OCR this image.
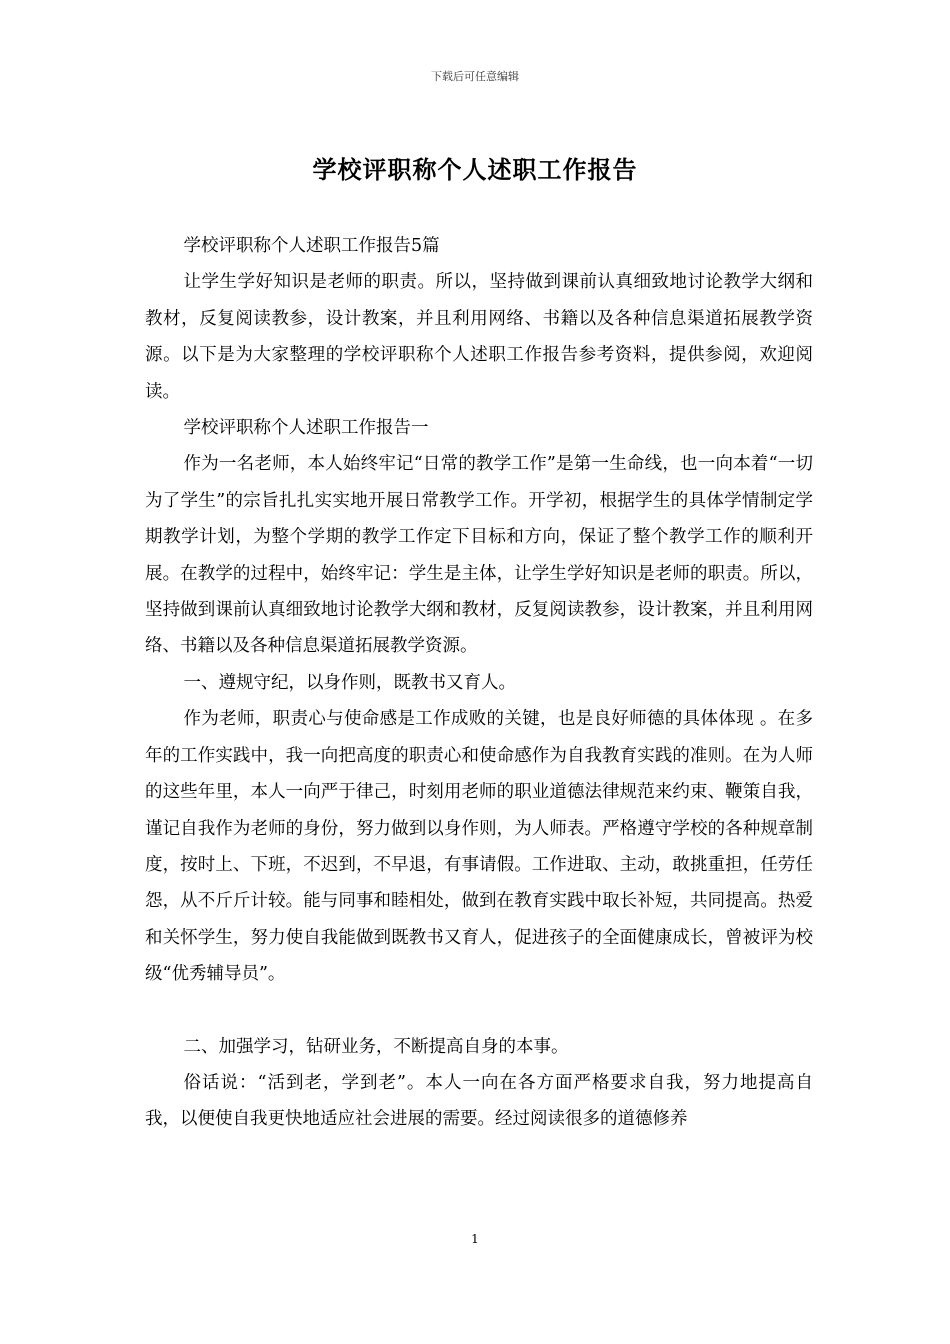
下载后可任意编辑
学校评职称个人述职工作报告

学校评职称个人述职工作报告5篇

让学生学好知识是老师的职责。所以，坚持做到课前认真细致地讨论教学大纲和教材，反复阅读教参，设计教案，并且利用网络、书籍以及各种信息渠道拓展教学资源。以下是为大家整理的学校评职称个人述职工作报告参考资料，提供参阅，欢迎阅读。

学校评职称个人述职工作报告一

作为一名老师，本人始终牢记“日常的教学工作”是第一生命线，也一向本着“一切为了学生”的宗旨扎扎实实地开展日常教学工作。开学初，根据学生的具体学情制定学期教学计划，为整个学期的教学工作定下目标和方向，保证了整个教学工作的顺利开展。在教学的过程中，始终牢记：学生是主体，让学生学好知识是老师的职责。所以，坚持做到课前认真细致地讨论教学大纲和教材，反复阅读教参，设计教案，并且利用网络、书籍以及各种信息渠道拓展教学资源。

一、遵规守纪，以身作则，既教书又育人。

作为老师，职责心与使命感是工作成败的关键，也是良好师德的具体体现 。在多年的工作实践中，我一向把高度的职责心和使命感作为自我教育实践的准则。在为人师的这些年里，本人一向严于律己，时刻用老师的职业道德法律规范来约束、鞭策自我，谨记自我作为老师的身份，努力做到以身作则，为人师表。严格遵守学校的各种规章制度，按时上、下班，不迟到，不早退，有事请假。工作进取、主动，敢挑重担，任劳任怨，从不斤斤计较。能与同事和睦相处，做到在教育实践中取长补短，共同提高。热爱和关怀学生，努力使自我能做到既教书又育人，促进孩子的全面健康成长，曾被评为校级“优秀辅导员”。

二、加强学习，钻研业务，不断提高自身的本事。

俗话说：“活到老，学到老”。本人一向在各方面严格要求自我，努力地提高自我，以便使自我更快地适应社会进展的需要。经过阅读很多的道德修养

1
